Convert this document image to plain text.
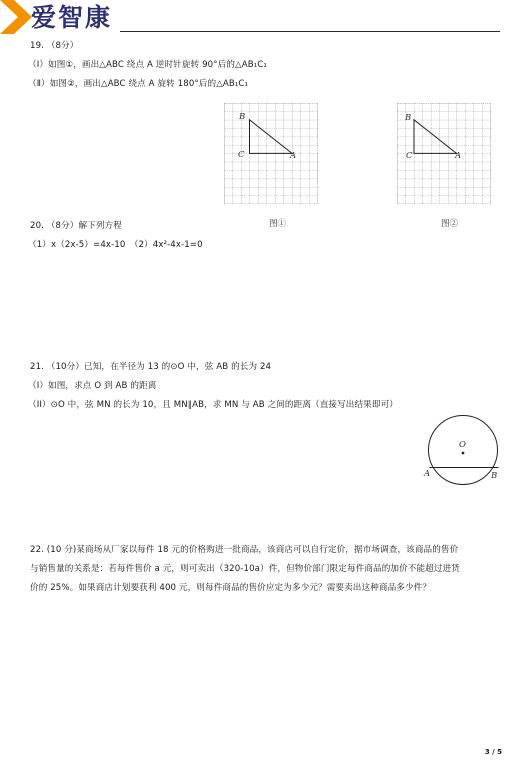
爱智康
19. （8分）
（Ⅰ）如图①，画出△ABC 绕点 A 逆时针旋转 90°后的△AB₁C₁
（Ⅱ）如图②，画出△ABC 绕点 A 旋转 180°后的△AB₁C₁
B
C	A
B
C	A
图①	图②
20. （8分）解下列方程
（1）x（2x-5）=4x-10　（2）4x²-4x-1=0
21. （10分）已知，在半径为 13 的⊙O 中，弦 AB 的长为 24
（I）如图，求点 O 到 AB 的距离
（II）⊙O 中，弦 MN 的长为 10，且 MN∥AB，求 MN 与 AB 之间的距离（直接写出结果即可）
O
A	B
22. (10 分)某商场从厂家以每件 18 元的价格购进一批商品，该商店可以自行定价，据市场调查，该商品的售价
与销售量的关系是：若每件售价 a 元，则可卖出（320-10a）件，但物价部门限定每件商品的加价不能超过进货
价的 25%。如果商店计划要获利 400 元，则每件商品的售价应定为多少元？需要卖出这种商品多少件？
3 / 5
